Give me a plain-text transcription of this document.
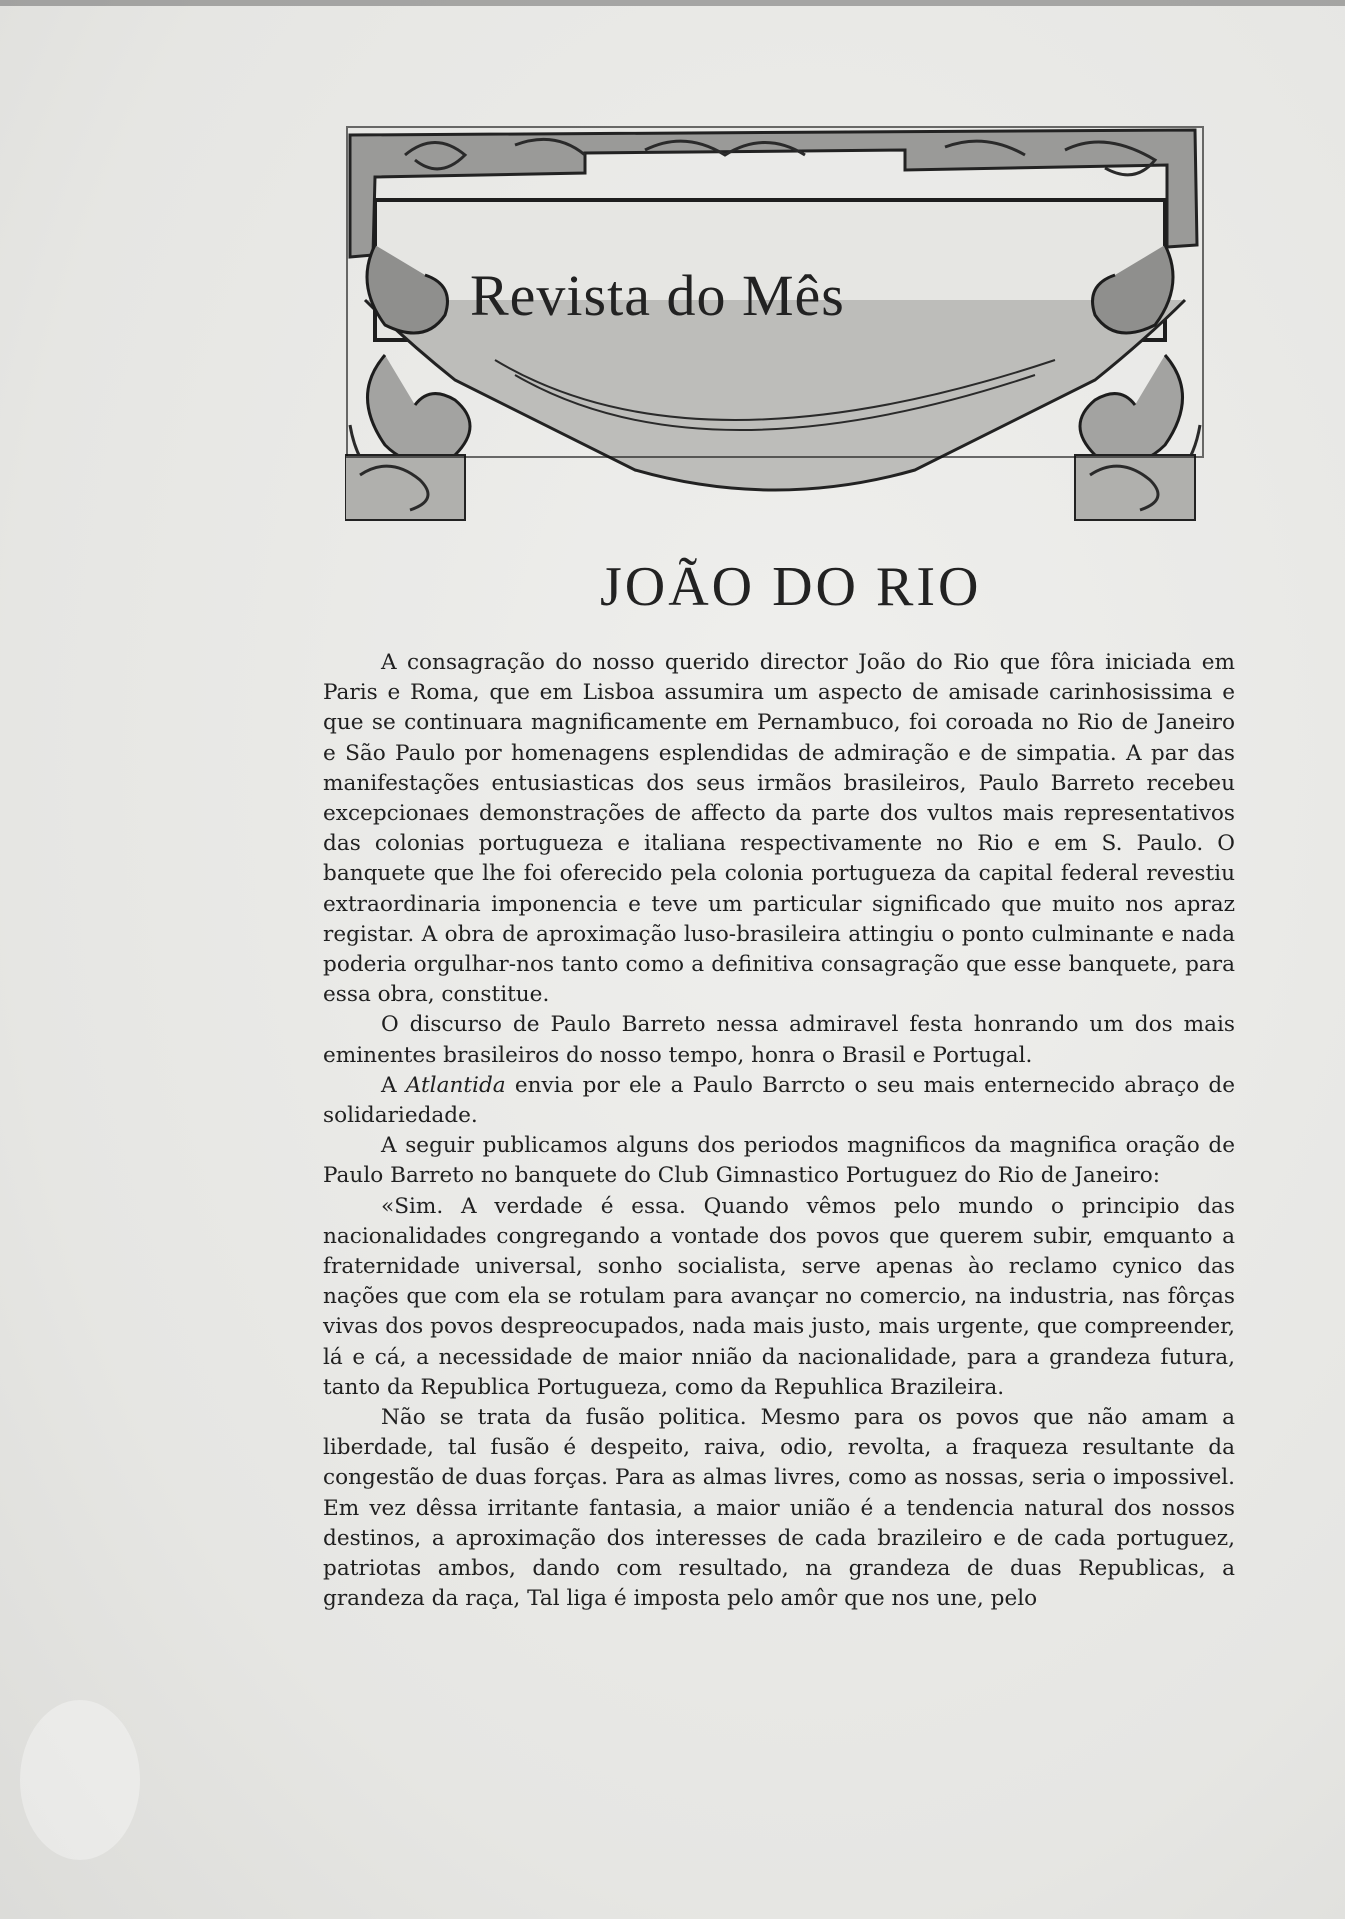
Revista do Mês
JOÃO DO RIO

A consagração do nosso querido director João do Rio que fôra iniciada em Paris e Roma, que em Lisboa assumira um aspecto de amisade carinhosissima e que se continuara magnificamente em Pernambuco, foi coroada no Rio de Janeiro e São Paulo por homenagens esplendidas de admiração e de simpatia. A par das manifestações entusiasticas dos seus irmãos brasileiros, Paulo Barreto recebeu excepcionaes demonstrações de affecto da parte dos vultos mais representativos das colonias portugueza e italiana respectivamente no Rio e em S. Paulo. O banquete que lhe foi oferecido pela colonia portugueza da capital federal revestiu extraordinaria imponencia e teve um particular significado que muito nos apraz registar. A obra de aproximação luso-brasileira attingiu o ponto culminante e nada poderia orgulhar-nos tanto como a definitiva consagração que esse banquete, para essa obra, constitue.

O discurso de Paulo Barreto nessa admiravel festa honrando um dos mais eminentes brasileiros do nosso tempo, honra o Brasil e Portugal.

A Atlantida envia por ele a Paulo Barrcto o seu mais enternecido abraço de solidariedade.

A seguir publicamos alguns dos periodos magnificos da magnifica oração de Paulo Barreto no banquete do Club Gimnastico Portuguez do Rio de Janeiro:

«Sim. A verdade é essa. Quando vêmos pelo mundo o principio das nacionalidades congregando a vontade dos povos que querem subir, emquanto a fraternidade universal, sonho socialista, serve apenas ào reclamo cynico das nações que com ela se rotulam para avançar no comercio, na industria, nas fôrças vivas dos povos despreocupados, nada mais justo, mais urgente, que compreender, lá e cá, a necessidade de maior nnião da nacionalidade, para a grandeza futura, tanto da Republica Portugueza, como da Repuhlica Brazileira.

Não se trata da fusão politica. Mesmo para os povos que não amam a liberdade, tal fusão é despeito, raiva, odio, revolta, a fraqueza resultante da congestão de duas forças. Para as almas livres, como as nossas, seria o impossivel. Em vez dêssa irritante fantasia, a maior união é a tendencia natural dos nossos destinos, a aproximação dos interesses de cada brazileiro e de cada portuguez, patriotas ambos, dando com resultado, na grandeza de duas Republicas, a grandeza da raça, Tal liga é imposta pelo amôr que nos une, pelo
